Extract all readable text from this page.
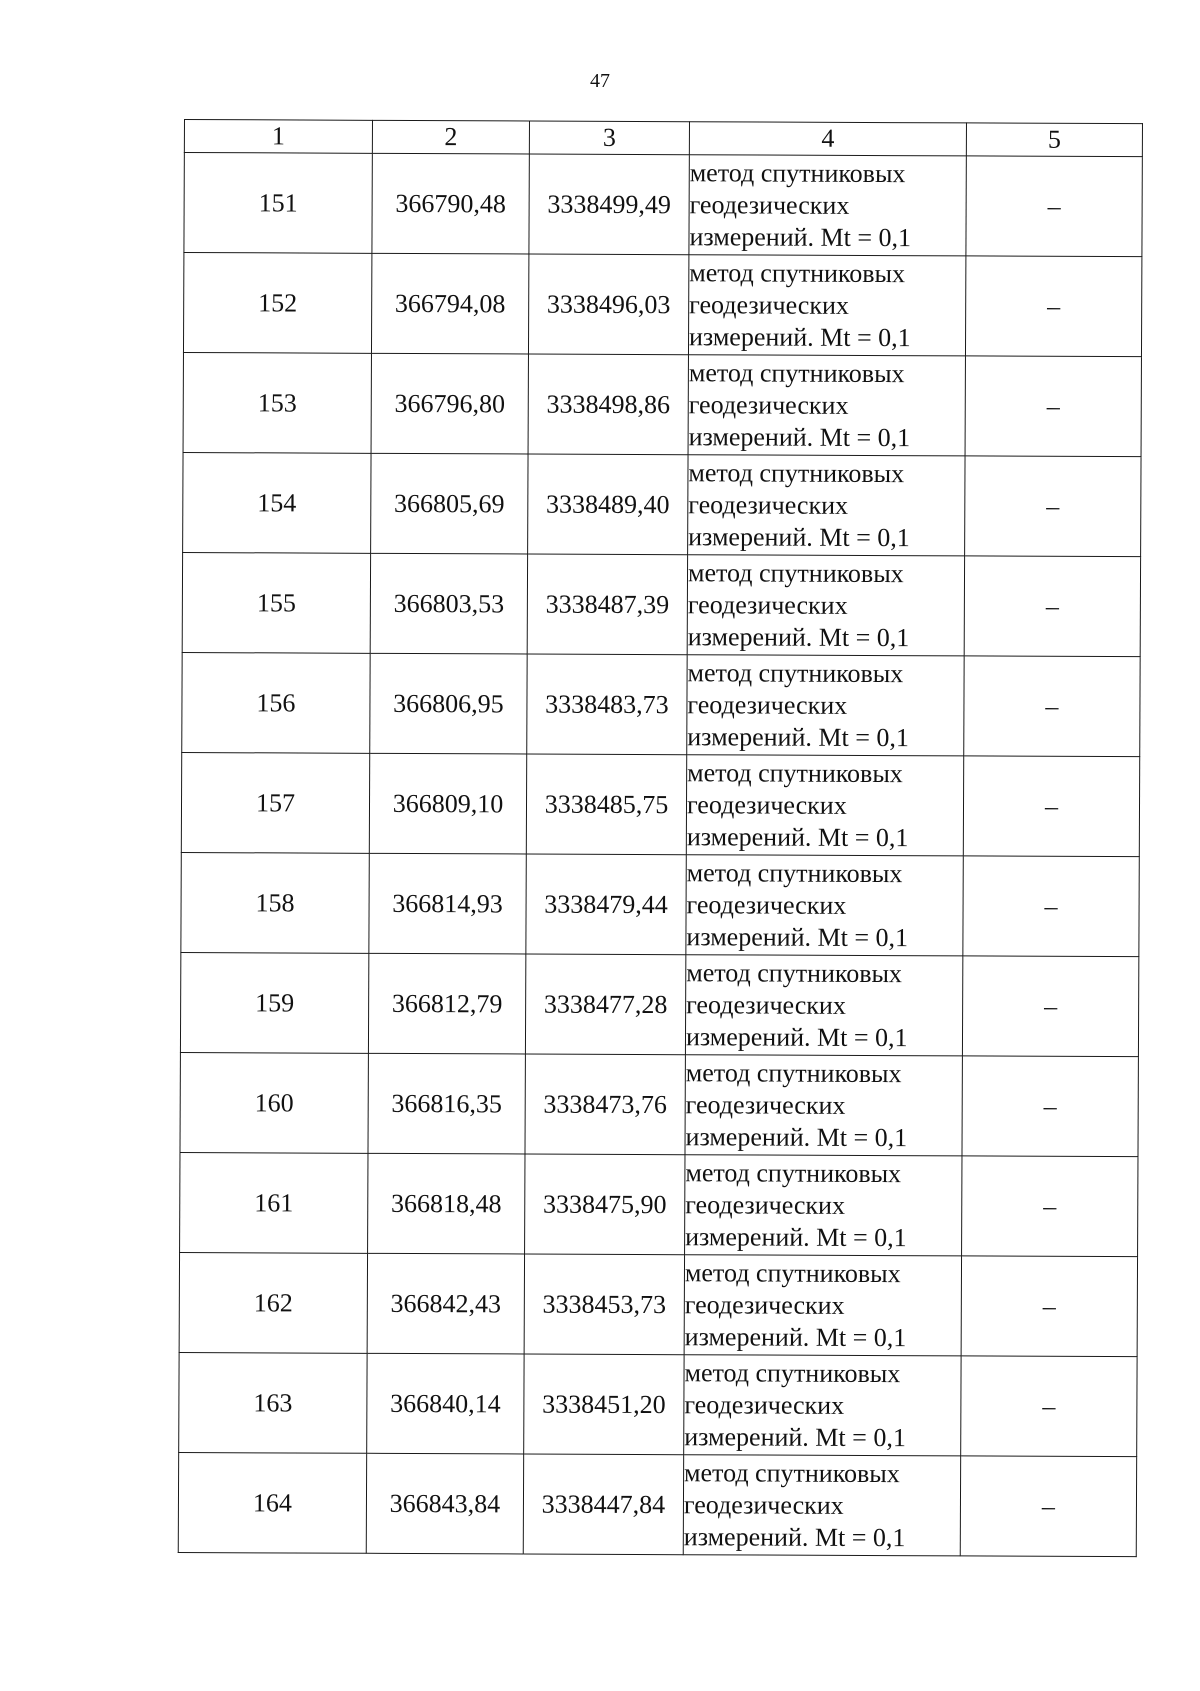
47
1	2	3	4	5
151	366790,48	3338499,49	метод спутниковых
геодезических
измерений. Mt = 0,1	–
152	366794,08	3338496,03	метод спутниковых
геодезических
измерений. Mt = 0,1	–
153	366796,80	3338498,86	метод спутниковых
геодезических
измерений. Mt = 0,1	–
154	366805,69	3338489,40	метод спутниковых
геодезических
измерений. Mt = 0,1	–
155	366803,53	3338487,39	метод спутниковых
геодезических
измерений. Mt = 0,1	–
156	366806,95	3338483,73	метод спутниковых
геодезических
измерений. Mt = 0,1	–
157	366809,10	3338485,75	метод спутниковых
геодезических
измерений. Mt = 0,1	–
158	366814,93	3338479,44	метод спутниковых
геодезических
измерений. Mt = 0,1	–
159	366812,79	3338477,28	метод спутниковых
геодезических
измерений. Mt = 0,1	–
160	366816,35	3338473,76	метод спутниковых
геодезических
измерений. Mt = 0,1	–
161	366818,48	3338475,90	метод спутниковых
геодезических
измерений. Mt = 0,1	–
162	366842,43	3338453,73	метод спутниковых
геодезических
измерений. Mt = 0,1	–
163	366840,14	3338451,20	метод спутниковых
геодезических
измерений. Mt = 0,1	–
164	366843,84	3338447,84	метод спутниковых
геодезических
измерений. Mt = 0,1	–
